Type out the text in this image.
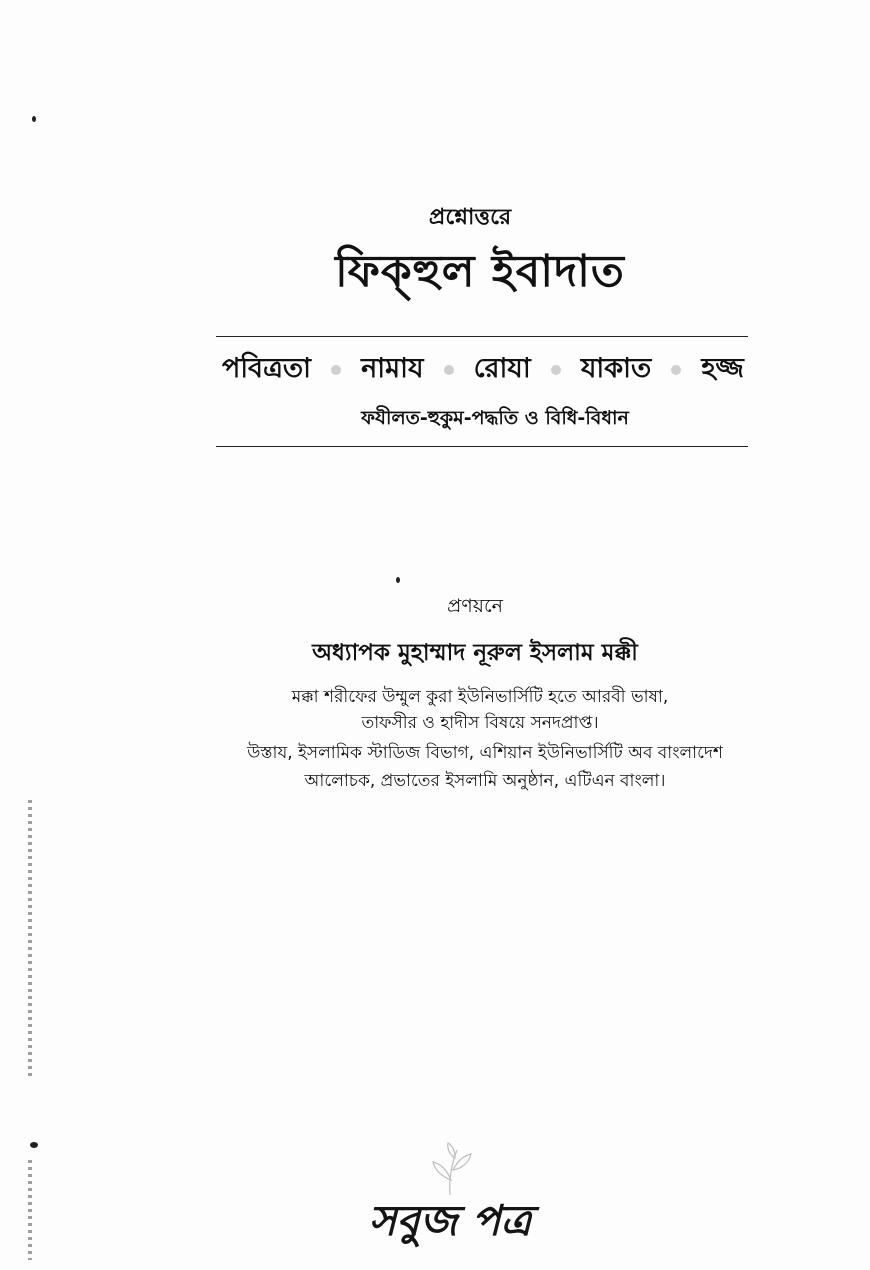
প্রশ্নোত্তরে
ফিক্‌হুল ইবাদাত
পবিত্রতা নামায রোযা যাকাত হজ্জ
ফযীলত-হুকুম-পদ্ধতি ও বিধি-বিধান
প্রণয়নে
অধ্যাপক মুহাম্মাদ নূরুল ইসলাম মক্কী
মক্কা শরীফের উম্মুল কুরা ইউনিভার্সিটি হতে আরবী ভাষা,
তাফসীর ও হাদীস বিষয়ে সনদপ্রাপ্ত।
উস্তায, ইসলামিক স্টাডিজ বিভাগ, এশিয়ান ইউনিভার্সিটি অব বাংলাদেশ
আলোচক, প্রভাতের ইসলামি অনুষ্ঠান, এটিএন বাংলা।
সবুজ পত্র
